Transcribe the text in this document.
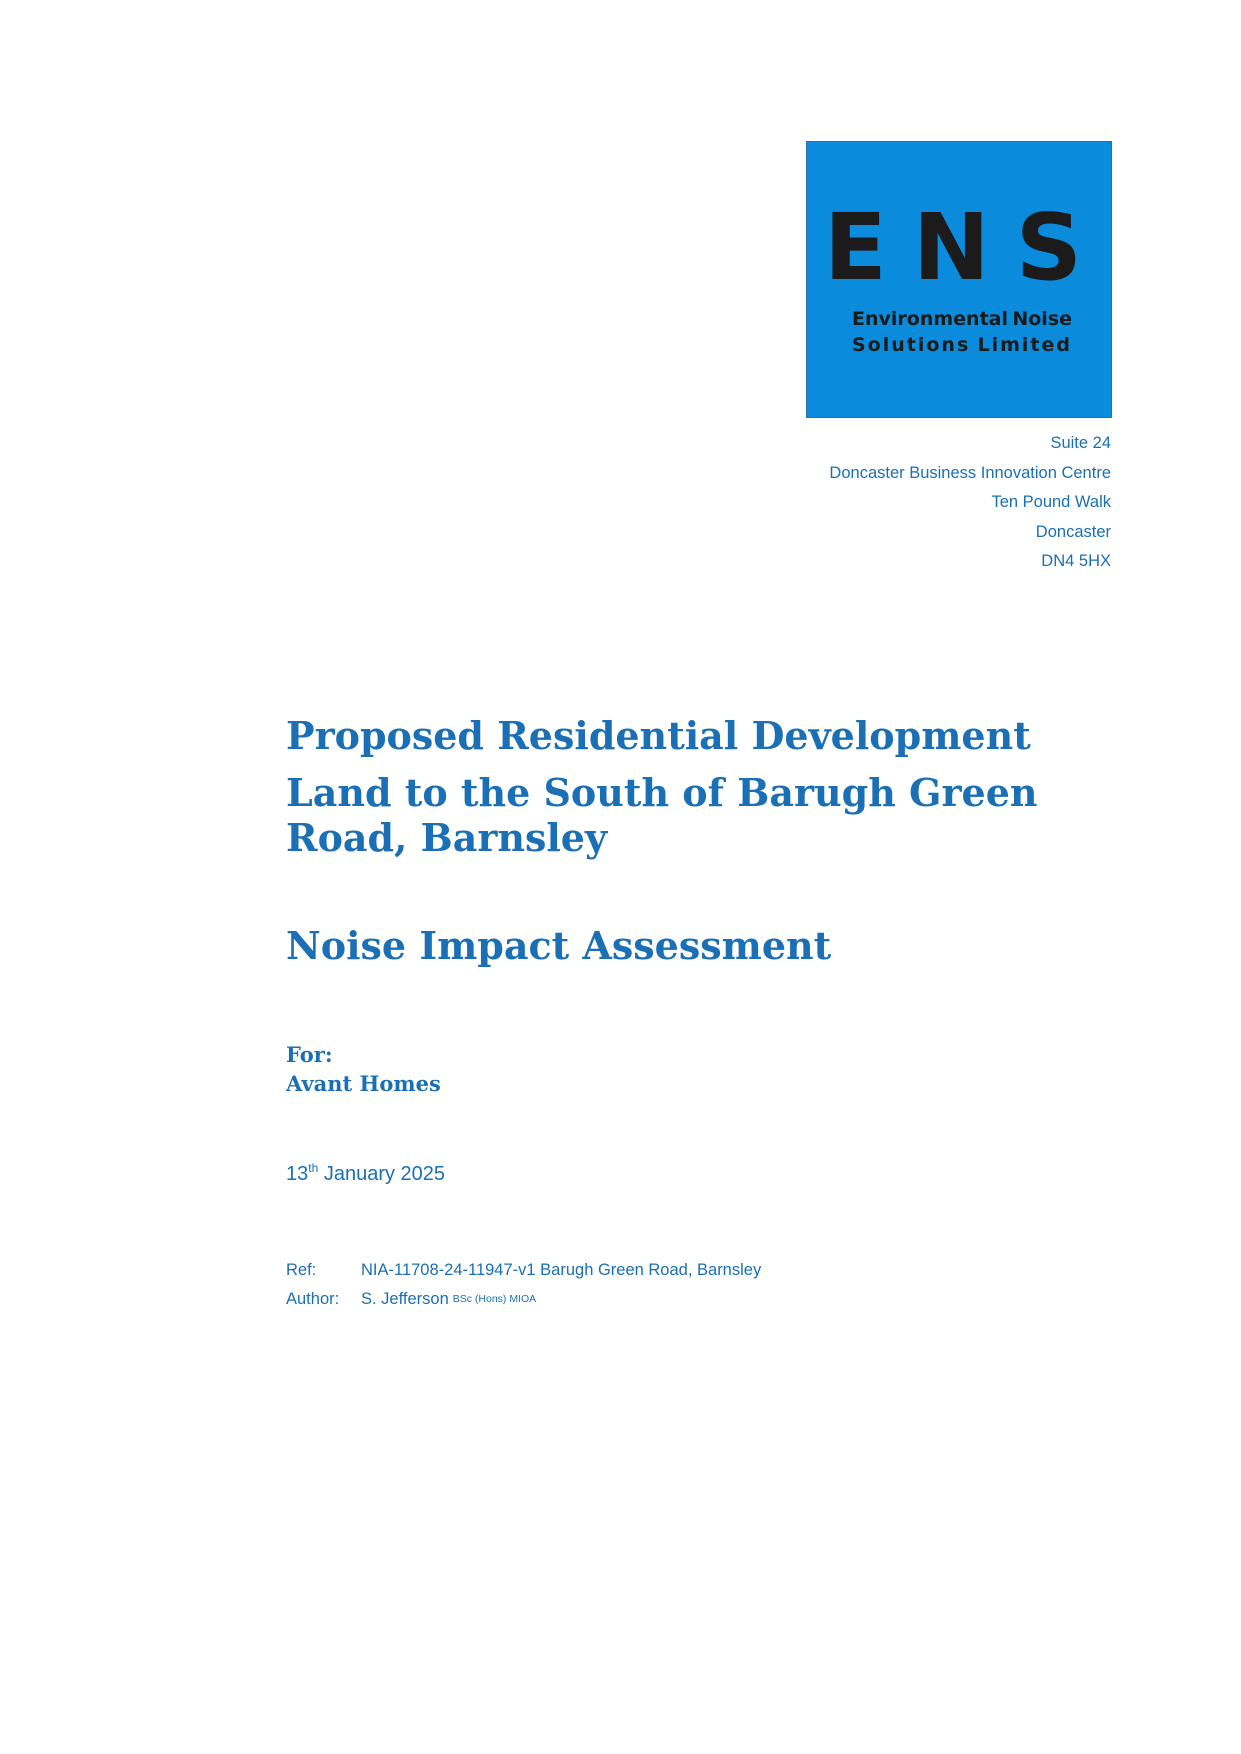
ENS
Environmental Noise
Solutions Limited
Suite 24
Doncaster Business Innovation Centre
Ten Pound Walk
Doncaster
DN4 5HX
Proposed Residential Development
Land to the South of Barugh Green Road, Barnsley
Noise Impact Assessment
For:
Avant Homes
13th January 2025
Ref:	NIA-11708-24-11947-v1 Barugh Green Road, Barnsley
Author:	S. Jefferson BSc (Hons) MIOA
